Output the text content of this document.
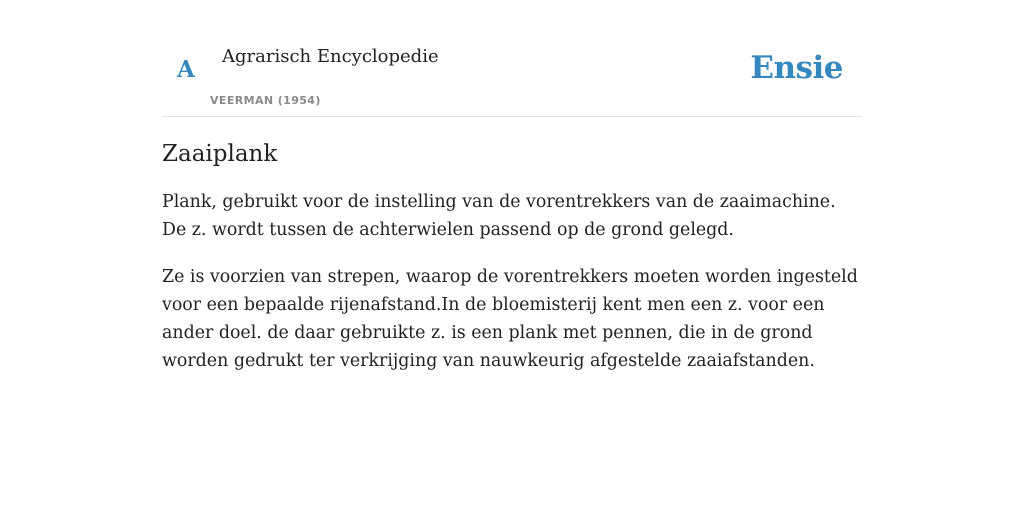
A Agrarisch Encyclopedie
VEERMAN (1954)
Ensie
Zaaiplank

Plank, gebruikt voor de instelling van de vorentrekkers van de zaaimachine. De z. wordt tussen de achterwielen passend op de grond gelegd.

Ze is voorzien van strepen, waarop de vorentrekkers moeten worden ingesteld voor een bepaalde rijenafstand.In de bloemisterij kent men een z. voor een ander doel. de daar gebruikte z. is een plank met pennen, die in de grond worden gedrukt ter verkrijging van nauwkeurig afgestelde zaaiafstanden.
